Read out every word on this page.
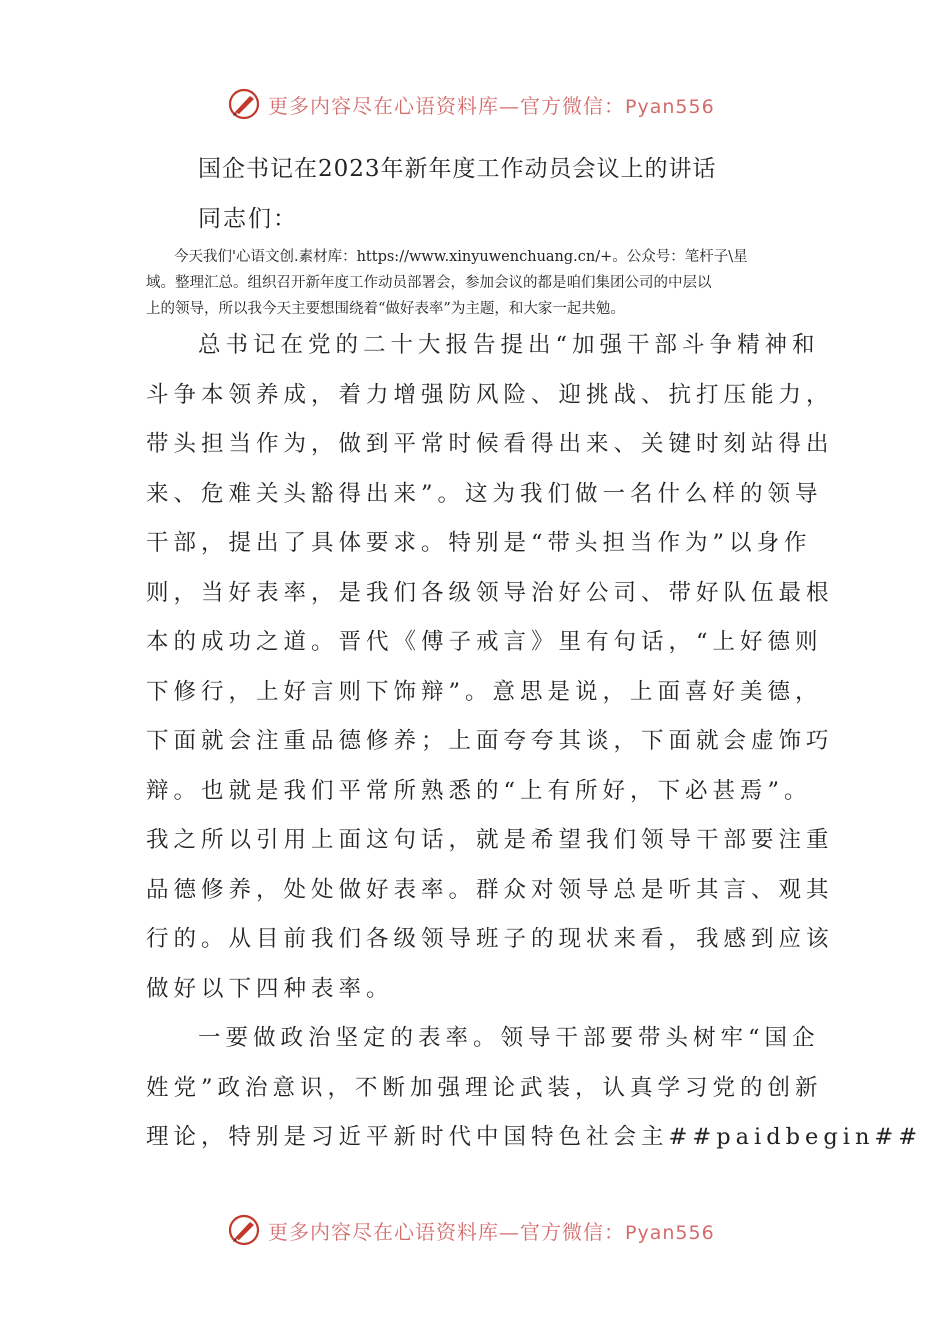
更多内容尽在心语资料库—官方微信：Pyan556
国企书记在2023年新年度工作动员会议上的讲话
同志们：
今天我们'心语文创.素材库：https://www.xinyuwenchuang.cn/+。公众号：笔杆子\星
域。整理汇总。组织召开新年度工作动员部署会，参加会议的都是咱们集团公司的中层以
上的领导，所以我今天主要想围绕着“做好表率”为主题，和大家一起共勉。
总书记在党的二十大报告提出“加强干部斗争精神和
斗争本领养成，着力增强防风险、迎挑战、抗打压能力，
带头担当作为，做到平常时候看得出来、关键时刻站得出
来、危难关头豁得出来”。这为我们做一名什么样的领导
干部，提出了具体要求。特别是“带头担当作为”以身作
则，当好表率，是我们各级领导治好公司、带好队伍最根
本的成功之道。晋代《傅子戒言》里有句话，“上好德则
下修行，上好言则下饰辩”。意思是说，上面喜好美德，
下面就会注重品德修养；上面夸夸其谈，下面就会虚饰巧
辩。也就是我们平常所熟悉的“上有所好，下必甚焉”。
我之所以引用上面这句话，就是希望我们领导干部要注重
品德修养，处处做好表率。群众对领导总是听其言、观其
行的。从目前我们各级领导班子的现状来看，我感到应该
做好以下四种表率。
一要做政治坚定的表率。领导干部要带头树牢“国企
姓党”政治意识，不断加强理论武装，认真学习党的创新
理论，特别是习近平新时代中国特色社会主##paidbegin##
更多内容尽在心语资料库—官方微信：Pyan556
